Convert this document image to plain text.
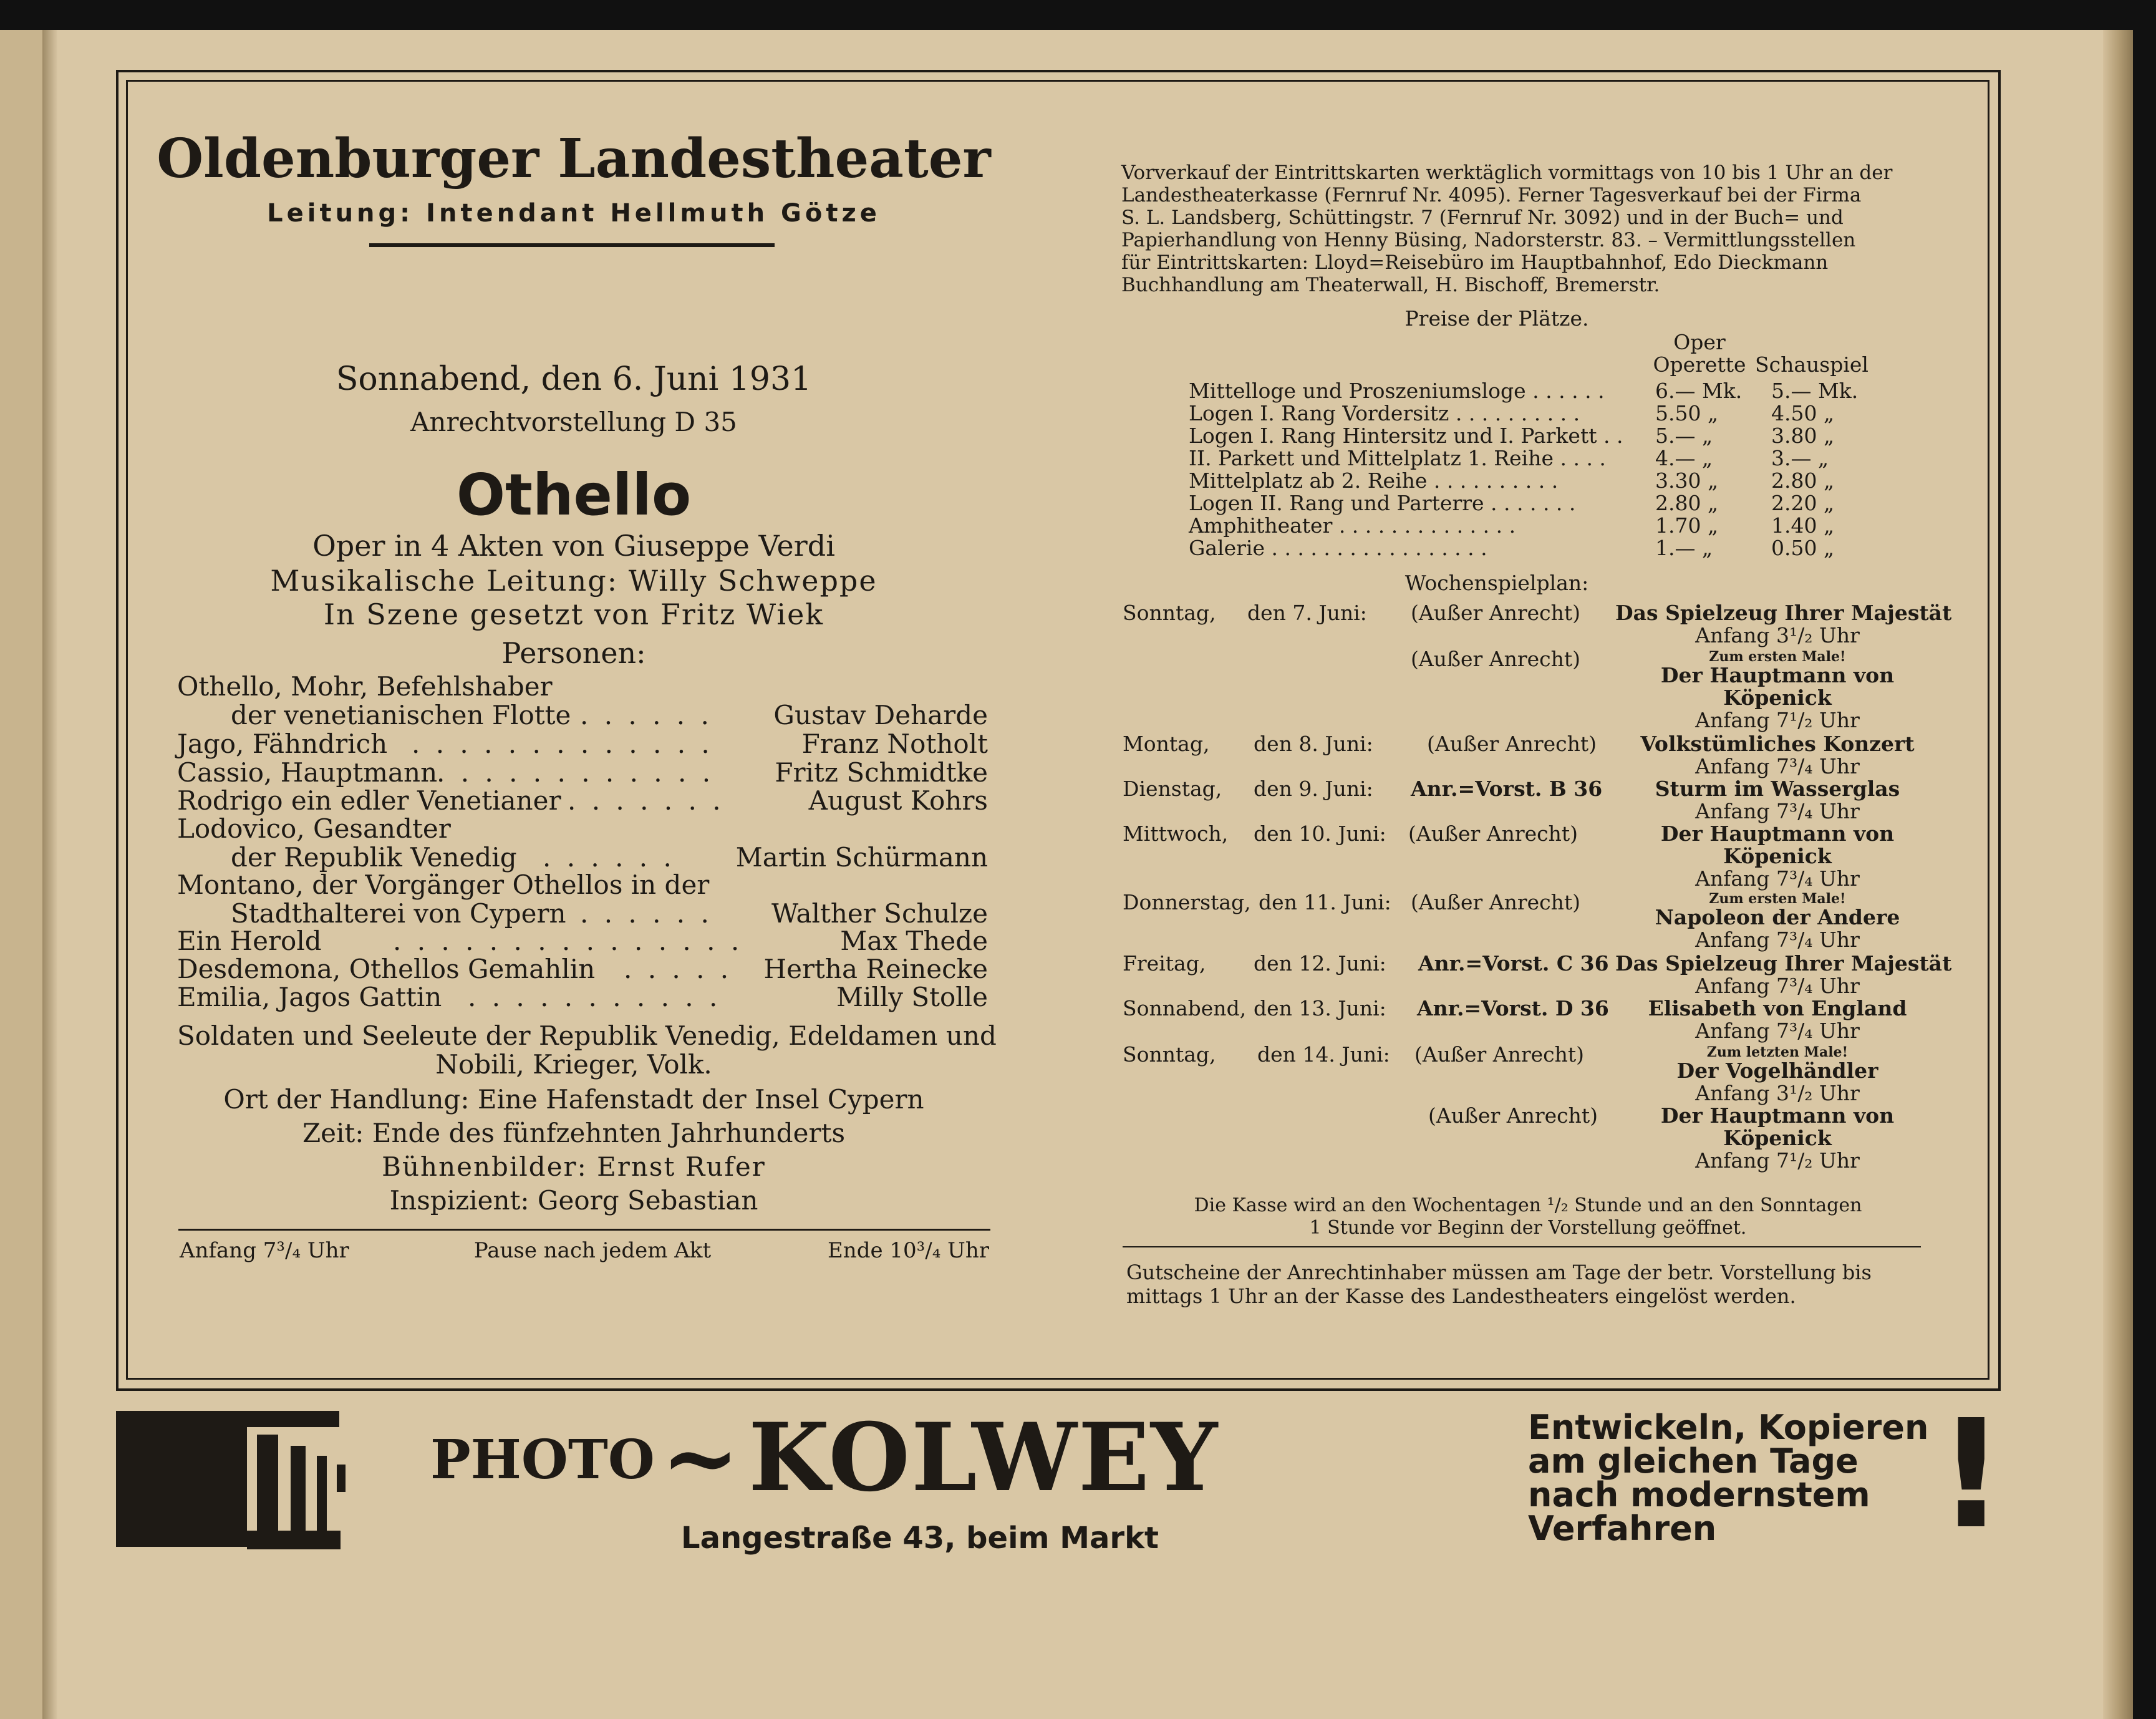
Oldenburger Landestheater
Leitung: Intendant Hellmuth Götze
Sonnabend, den 6. Juni 1931
Anrechtvorstellung D 35
Othello
Oper in 4 Akten von Giuseppe Verdi
Musikalische Leitung: Willy Schweppe
In Szene gesetzt von Fritz Wiek
Personen:
Othello, Mohr, Befehlshaber
der venetianischen Flotte . . . . . .	Gustav Deharde
Jago, Fähndrich . . . . . . . . . . . . .	Franz Notholt
Cassio, Hauptmann
. . . . . . . . . . . .	Fritz Schmidtke
Rodrigo ein edler Venetianer . . . . . . .	August Kohrs
Lodovico, Gesandter
der Republik Venedig . . . . . .	Martin Schürmann
Montano, der Vorgänger Othellos in der
Stadthalterei von Cypern . . . . . .	Walther Schulze
Ein Herold	. . . . . . . . . . . . . . .	Max Thede
Desdemona, Othellos Gemahlin . . . . .	Hertha Reinecke
Emilia, Jagos Gattin . . . . . . . . . . .	Milly Stolle
Soldaten und Seeleute der Republik Venedig, Edeldamen und
Nobili, Krieger, Volk.
Ort der Handlung: Eine Hafenstadt der Insel Cypern
Zeit: Ende des fünfzehnten Jahrhunderts
Bühnenbilder: Ernst Rufer
Inspizient: Georg Sebastian
Anfang 7³/₄ Uhr	Pause nach jedem Akt	Ende 10³/₄ Uhr
Vorverkauf der Eintrittskarten werktäglich vormittags von 10 bis 1 Uhr an der
Landestheaterkasse (Fernruf Nr. 4095). Ferner Tagesverkauf bei der Firma
S. L. Landsberg, Schüttingstr. 7 (Fernruf Nr. 3092) und in der Buch= und
Papierhandlung von Henny Büsing, Nadorsterstr. 83. – Vermittlungsstellen
für Eintrittskarten: Lloyd=Reisebüro im Hauptbahnhof, Edo Dieckmann
Buchhandlung am Theaterwall, H. Bischoff, Bremerstr.
Preise der Plätze.
Oper
Operette Schauspiel
Mittelloge und Proszeniumsloge . . . . . . 6.— Mk. 5.— Mk.
Logen I. Rang Vordersitz . . . . . . . . . .	5.50 „	4.50 „
Logen I. Rang Hintersitz und I. Parkett . . 5.— „	3.80 „
II. Parkett und Mittelplatz 1. Reihe . . . . 4.— „	3.— „
Mittelplatz ab 2. Reihe . . . . . . . . . .	3.30 „	2.80 „
Logen II. Rang und Parterre . . . . . . .	2.80 „	2.20 „
Amphitheater . . . . . . . . . . . . . .	1.70 „	1.40 „
Galerie . . . . . . . . . . . . . . . . .	1.— „	0.50 „
Wochenspielplan:
Sonntag, den 7. Juni: (Außer Anrecht) Das Spielzeug Ihrer Majestät
Anfang 3¹/₂ Uhr
Zum ersten Male!
(Außer Anrecht)
Der Hauptmann von
Köpenick
Anfang 7¹/₂ Uhr
Montag, den 8. Juni:	(Außer Anrecht)	Volkstümliches Konzert
Anfang 7³/₄ Uhr
Dienstag, den 9. Juni: Anr.=Vorst. B 36	Sturm im Wasserglas
Anfang 7³/₄ Uhr
Mittwoch, den 10. Juni: (Außer Anrecht)	Der Hauptmann von
Köpenick
Anfang 7³/₄ Uhr
Zum ersten Male!
Donnerstag, den 11. Juni: (Außer Anrecht)
Napoleon der Andere
Anfang 7³/₄ Uhr
Freitag, den 12. Juni: Anr.=Vorst. C 36 Das Spielzeug Ihrer Majestät
Anfang 7³/₄ Uhr
Sonnabend, den 13. Juni: Anr.=Vorst. D 36	Elisabeth von England
Anfang 7³/₄ Uhr
Zum letzten Male!
Sonntag, den 14. Juni: (Außer Anrecht)
Der Vogelhändler
Anfang 3¹/₂ Uhr
(Außer Anrecht)	Der Hauptmann von
Köpenick
Anfang 7¹/₂ Uhr
Die Kasse wird an den Wochentagen ¹/₂ Stunde und an den Sonntagen
1 Stunde vor Beginn der Vorstellung geöffnet.
Gutscheine der Anrechtinhaber müssen am Tage der betr. Vorstellung bis
mittags 1 Uhr an der Kasse des Landestheaters eingelöst werden.
PHOTO ~ KOLWEY
Langestraße 43, beim Markt
Entwickeln, Kopieren
am gleichen Tage
nach modernstem
Verfahren !
